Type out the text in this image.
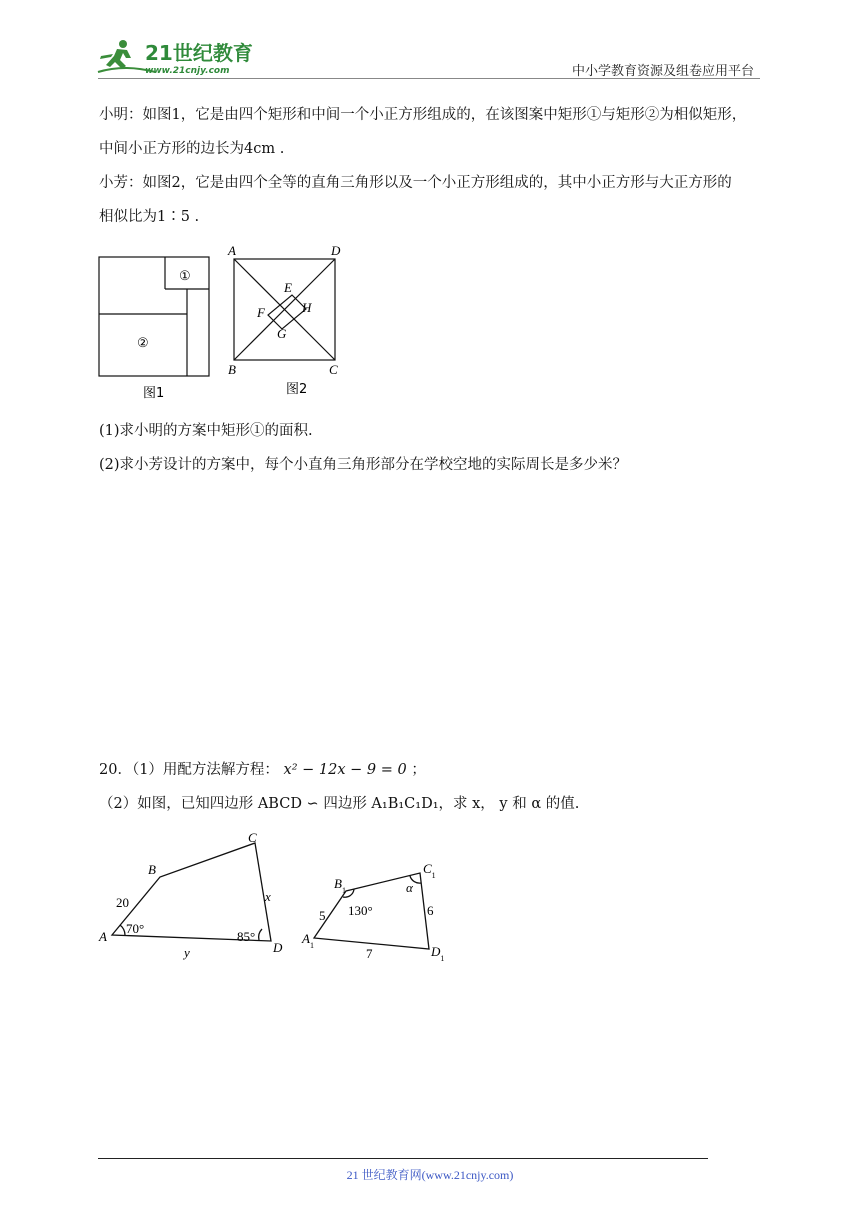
21世纪教育
www.21cnjy.com	中小学教育资源及组卷应用平台
小明：如图1，它是由四个矩形和中间一个小正方形组成的，在该图案中矩形①与矩形②为相似矩形，
中间小正方形的边长为4cm .
小芳：如图2，它是由四个全等的直角三角形以及一个小正方形组成的，其中小正方形与大正方形的
相似比为1∶5 .
①
②
图1
A	D
E
H
F
G
B	C
图2
(1)求小明的方案中矩形①的面积.
(2)求小芳设计的方案中，每个小直角三角形部分在学校空地的实际周长是多少米？
20．（1）用配方法解方程： x² − 12x − 9 = 0 ；
（2）如图，已知四边形 ABCD ∽ 四边形 A₁B₁C₁D₁，求 x， y 和 α 的值.
A
B
C
D
20	x
y
70°
85°	$A_1$
$B_1$
$C_1$
$D_1$
5	6
7
130°
α
21 世纪教育网(www.21cnjy.com)
